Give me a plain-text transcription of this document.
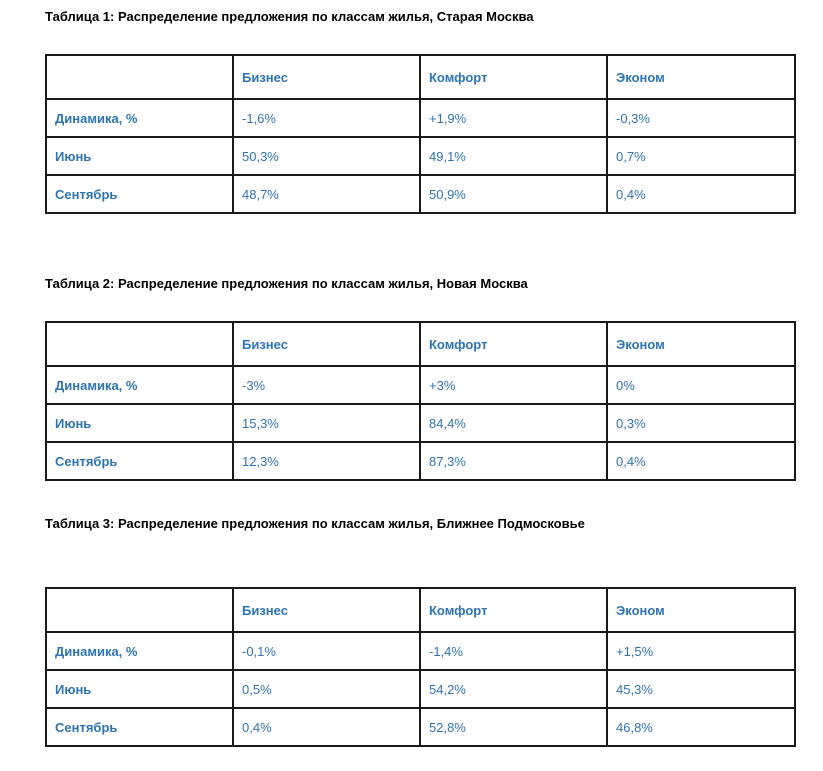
Таблица 1: Распределение предложения по классам жилья, Старая Москва
	Бизнес	Комфорт	Эконом
Динамика, %	-1,6%	+1,9%	-0,3%
Июнь	50,3%	49,1%	0,7%
Сентябрь	48,7%	50,9%	0,4%
Таблица 2: Распределение предложения по классам жилья, Новая Москва
	Бизнес	Комфорт	Эконом
Динамика, %	-3%	+3%	0%
Июнь	15,3%	84,4%	0,3%
Сентябрь	12,3%	87,3%	0,4%
Таблица 3: Распределение предложения по классам жилья, Ближнее Подмосковье
	Бизнес	Комфорт	Эконом
Динамика, %	-0,1%	-1,4%	+1,5%
Июнь	0,5%	54,2%	45,3%
Сентябрь	0,4%	52,8%	46,8%
